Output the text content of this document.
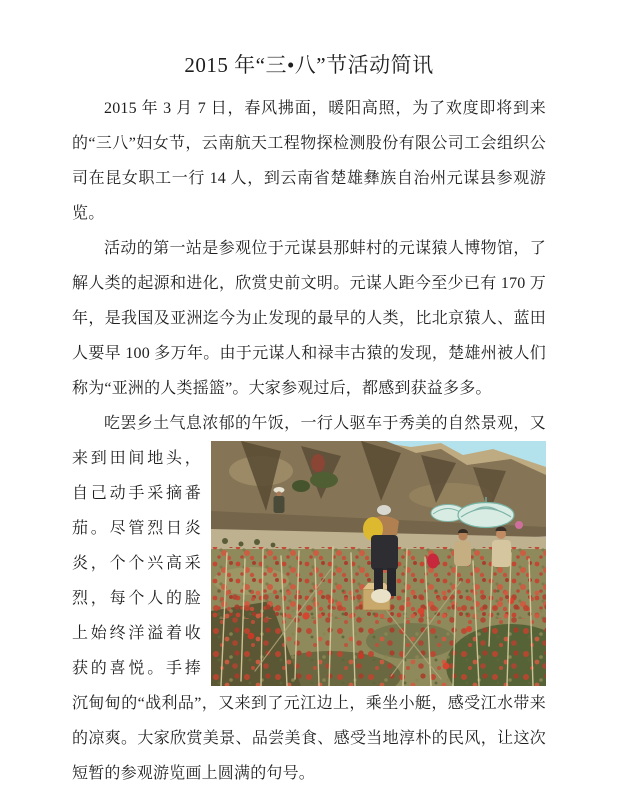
2015 年“三•八”节活动简讯

2015 年 3 月 7 日，春风拂面，暖阳高照，为了欢度即将到来的“三八”妇女节，云南航天工程物探检测股份有限公司工会组织公司在昆女职工一行 14 人，到云南省楚雄彝族自治州元谋县参观游览。

活动的第一站是参观位于元谋县那蚌村的元谋猿人博物馆，了解人类的起源和进化，欣赏史前文明。元谋人距今至少已有 170 万年，是我国及亚洲迄今为止发现的最早的人类，比北京猿人、蓝田人要早 100 多万年。由于元谋人和禄丰古猿的发现，楚雄州被人们称为“亚洲的人类摇篮”。大家参观过后，都感到获益多多。

吃罢乡土气息浓郁的午饭，一行人驱车于秀美的自然景观，又
来到田间地头，自己动手采摘番茄。尽管烈日炎炎，个个兴高采烈，每个人的脸上始终洋溢着收获的喜悦。手捧沉甸甸的“战利品”，又来到了元江边上，乘坐小艇，感受江水带来的凉爽。大家欣赏美景、品尝美食、感受当地淳朴的民风，让这次短暂的参观游览画上圆满的句号。
